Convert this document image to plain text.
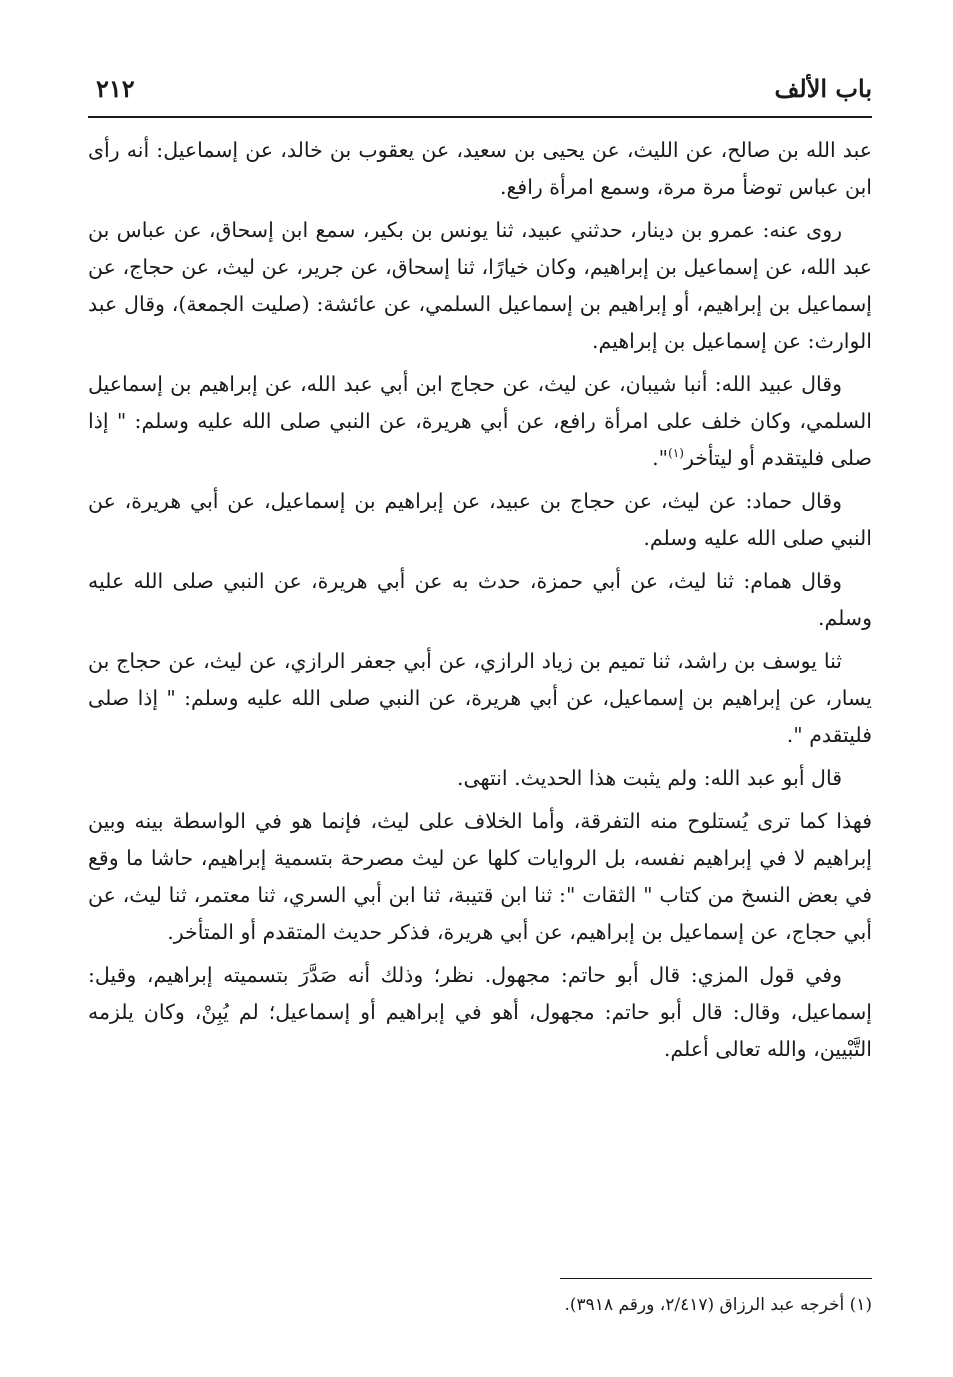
باب الألف
٢١٢

عبد الله بن صالح، عن الليث، عن يحيى بن سعيد، عن يعقوب بن خالد، عن إسماعيل: أنه رأى ابن عباس توضأ مرة مرة، وسمع امرأة رافع.

روى عنه: عمرو بن دينار، حدثني عبيد، ثنا يونس بن بكير، سمع ابن إسحاق، عن عباس بن عبد الله، عن إسماعيل بن إبراهيم، وكان خيارًا، ثنا إسحاق، عن جرير، عن ليث، عن حجاج، عن إسماعيل بن إبراهيم، أو إبراهيم بن إسماعيل السلمي، عن عائشة: (صليت الجمعة)، وقال عبد الوارث: عن إسماعيل بن إبراهيم.

وقال عبيد الله: أنبا شيبان، عن ليث، عن حجاج ابن أبي عبد الله، عن إبراهيم بن إسماعيل السلمي، وكان خلف على امرأة رافع، عن أبي هريرة، عن النبي صلى الله عليه وسلم: " إذا صلى فليتقدم أو ليتأخر$^{(١)}$".

وقال حماد: عن ليث، عن حجاج بن عبيد، عن إبراهيم بن إسماعيل، عن أبي هريرة، عن النبي صلى الله عليه وسلم.

وقال همام: ثنا ليث، عن أبي حمزة، حدث به عن أبي هريرة، عن النبي صلى الله عليه وسلم.

ثنا يوسف بن راشد، ثنا تميم بن زياد الرازي، عن أبي جعفر الرازي، عن ليث، عن حجاج بن يسار، عن إبراهيم بن إسماعيل، عن أبي هريرة، عن النبي صلى الله عليه وسلم: " إذا صلى فليتقدم ".

قال أبو عبد الله: ولم يثبت هذا الحديث. انتهى.

فهذا كما ترى يُستلوح منه التفرقة، وأما الخلاف على ليث، فإنما هو في الواسطة بينه وبين إبراهيم لا في إبراهيم نفسه، بل الروايات كلها عن ليث مصرحة بتسمية إبراهيم، حاشا ما وقع في بعض النسخ من كتاب " الثقات ": ثنا ابن قتيبة، ثنا ابن أبي السري، ثنا معتمر، ثنا ليث، عن أبي حجاج، عن إسماعيل بن إبراهيم، عن أبي هريرة، فذكر حديث المتقدم أو المتأخر.

وفي قول المزي: قال أبو حاتم: مجهول. نظر؛ وذلك أنه صَدَّرَ بتسميته إبراهيم، وقيل: إسماعيل، وقال: قال أبو حاتم: مجهول، أهو في إبراهيم أو إسماعيل؛ لم يُبِنْ، وكان يلزمه التَّبْيين، والله تعالى أعلم.

(١) أخرجه عبد الرزاق (٢/٤١٧، ورقم ٣٩١٨).
